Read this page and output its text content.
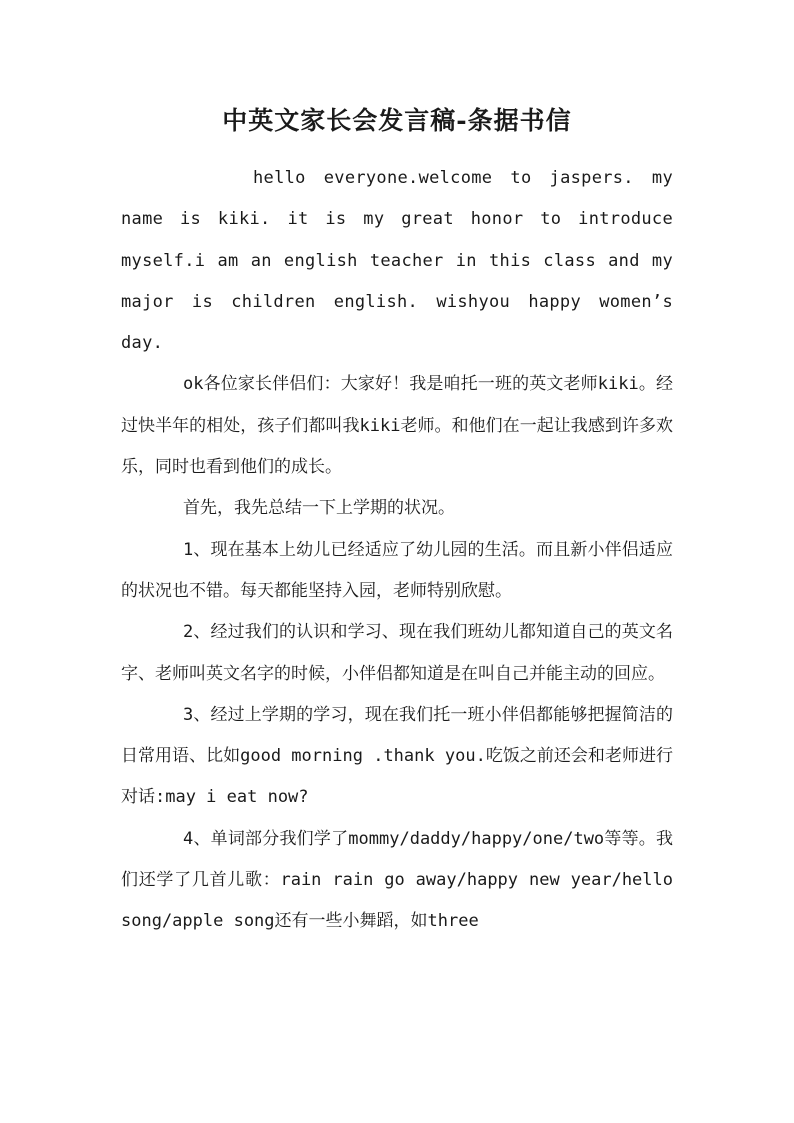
中英文家长会发言稿-条据书信

hello everyone.welcome to jaspers. my name is kiki. it is my great honor to introduce myself.i am an english teacher in this class and my major is children english. wishyou happy women’s day.

ok各位家长伴侣们：大家好！我是咱托一班的英文老师kiki。经过快半年的相处，孩子们都叫我kiki老师。和他们在一起让我感到许多欢乐，同时也看到他们的成长。

首先，我先总结一下上学期的状况。

1、现在基本上幼儿已经适应了幼儿园的生活。而且新小伴侣适应的状况也不错。每天都能坚持入园，老师特别欣慰。

2、经过我们的认识和学习、现在我们班幼儿都知道自己的英文名字、老师叫英文名字的时候，小伴侣都知道是在叫自己并能主动的回应。

3、经过上学期的学习，现在我们托一班小伴侣都能够把握简洁的日常用语、比如good morning .thank you.吃饭之前还会和老师进行对话:may i eat now?

4、单词部分我们学了mommy/daddy/happy/one/two等等。我们还学了几首儿歌：rain rain go away/happy new year/hello song/apple song还有一些小舞蹈，如three
